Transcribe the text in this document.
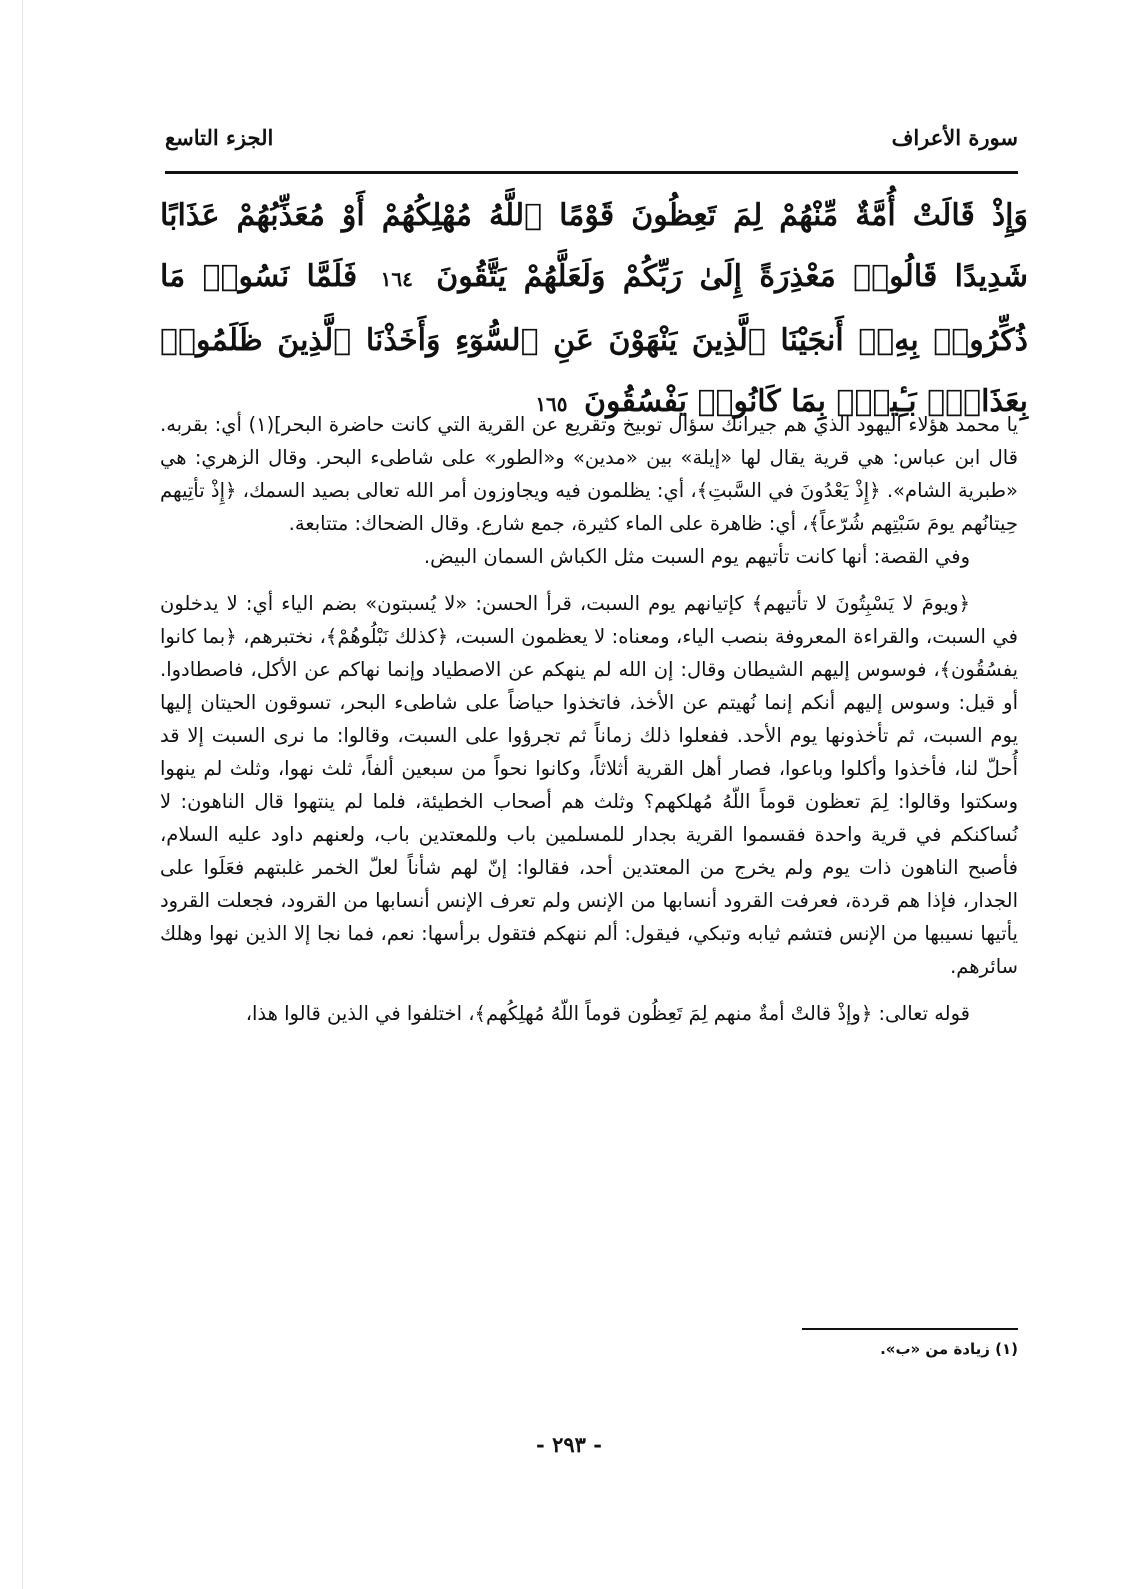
سورة الأعراف
الجزء التاسع
وَإِذْ قَالَتْ أُمَّةٌ مِّنْهُمْ لِمَ تَعِظُونَ قَوْمًا ٱللَّهُ مُهْلِكُهُمْ أَوْ مُعَذِّبُهُمْ عَذَابًا شَدِيدًا قَالُوا۟ مَعْذِرَةً إِلَىٰ رَبِّكُمْ وَلَعَلَّهُمْ يَتَّقُونَ ١٦٤ فَلَمَّا نَسُوا۟ مَا ذُكِّرُوا۟ بِهِۦٓ أَنجَيْنَا ٱلَّذِينَ يَنْهَوْنَ عَنِ ٱلسُّوٓءِ وَأَخَذْنَا ٱلَّذِينَ ظَلَمُوا۟ بِعَذَابٍۭ بَـِٔيسٍۭ بِمَا كَانُوا۟ يَفْسُقُونَ ١٦٥

يا محمد هؤلاء اليهود الذي هم جيرانك سؤال توبيخ وتقريع عن القرية التي كانت حاضرة البحر](١) أي: بقربه. قال ابن عباس: هي قرية يقال لها «إيلة» بين «مدين» و«الطور» على شاطىء البحر. وقال الزهري: هي «طبرية الشام». ﴿إِذْ يَعْدُونَ في السَّبتِ﴾، أي: يظلمون فيه ويجاوزون أمر الله تعالى بصيد السمك، ﴿إِذْ تأتِيهم حِيتانُهم يومَ سَبْتِهم شُرّعاً﴾، أي: ظاهرة على الماء كثيرة، جمع شارع. وقال الضحاك: متتابعة.

وفي القصة: أنها كانت تأتيهم يوم السبت مثل الكباش السمان البيض.

﴿ويومَ لا يَسْبِتُونَ لا تأتيهم﴾ كإتيانهم يوم السبت، قرأ الحسن: «لا يُسبتون» بضم الياء أي: لا يدخلون في السبت، والقراءة المعروفة بنصب الياء، ومعناه: لا يعظمون السبت، ﴿كذلك نَبْلُوهُمْ﴾، نختبرهم، ﴿بما كانوا يفسُقُون﴾، فوسوس إليهم الشيطان وقال: إن الله لم ينهكم عن الاصطياد وإنما نهاكم عن الأكل، فاصطادوا. أو قيل: وسوس إليهم أنكم إنما نُهيتم عن الأخذ، فاتخذوا حياضاً على شاطىء البحر، تسوقون الحيتان إليها يوم السبت، ثم تأخذونها يوم الأحد. ففعلوا ذلك زماناً ثم تجرؤوا على السبت، وقالوا: ما نرى السبت إلا قد أُحلّ لنا، فأخذوا وأكلوا وباعوا، فصار أهل القرية أثلاثاً، وكانوا نحواً من سبعين ألفاً، ثلث نهوا، وثلث لم ينهوا وسكتوا وقالوا: لِمَ تعظون قوماً اللّهُ مُهلكهم؟ وثلث هم أصحاب الخطيئة، فلما لم ينتهوا قال الناهون: لا نُساكنكم في قرية واحدة فقسموا القرية بجدار للمسلمين باب وللمعتدين باب، ولعنهم داود عليه السلام، فأصبح الناهون ذات يوم ولم يخرج من المعتدين أحد، فقالوا: إنّ لهم شأناً لعلّ الخمر غلبتهم فعَلَوا على الجدار، فإذا هم قردة، فعرفت القرود أنسابها من الإنس ولم تعرف الإنس أنسابها من القرود، فجعلت القرود يأتيها نسيبها من الإنس فتشم ثيابه وتبكي، فيقول: ألم ننهكم فتقول برأسها: نعم، فما نجا إلا الذين نهوا وهلك سائرهم.

قوله تعالى: ﴿وإذْ قالتْ أمةٌ منهم لِمَ تَعِظُون قوماً اللّهُ مُهلِكُهم﴾، اختلفوا في الذين قالوا هذا،

(١) زيادة من «ب».
- ٢٩٣ -
